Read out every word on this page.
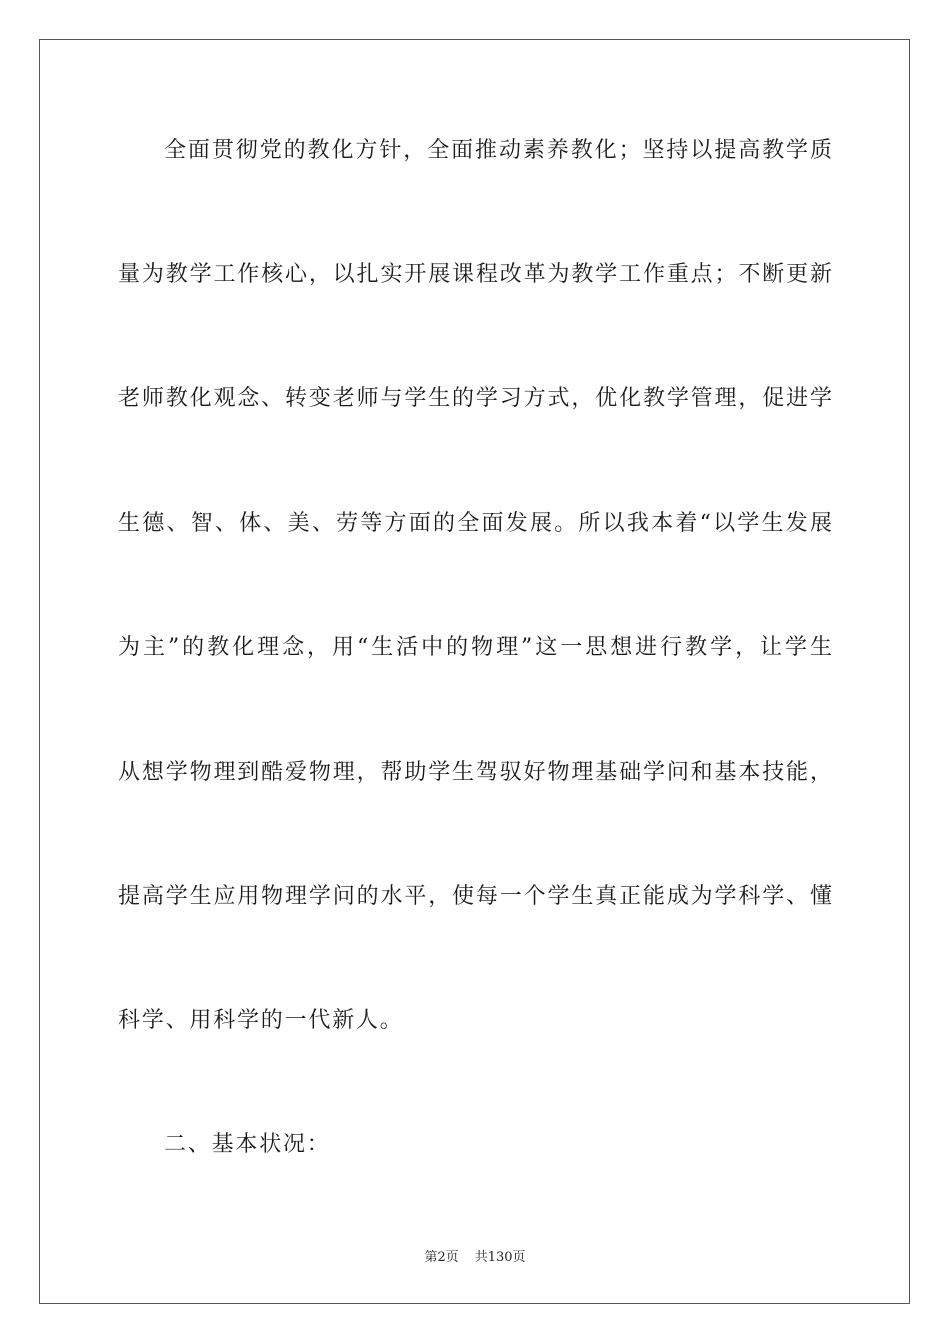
全面贯彻党的教化方针，全面推动素养教化；坚持以提高教学质
量为教学工作核心，以扎实开展课程改革为教学工作重点；不断更新
老师教化观念、转变老师与学生的学习方式，优化教学管理，促进学
生德、智、体、美、劳等方面的全面发展。所以我本着“以学生发展
为主”的教化理念，用“生活中的物理”这一思想进行教学，让学生
从想学物理到酷爱物理，帮助学生驾驭好物理基础学问和基本技能，
提高学生应用物理学问的水平，使每一个学生真正能成为学科学、懂
科学、用科学的一代新人。
二、基本状况：
第2页 共130页
